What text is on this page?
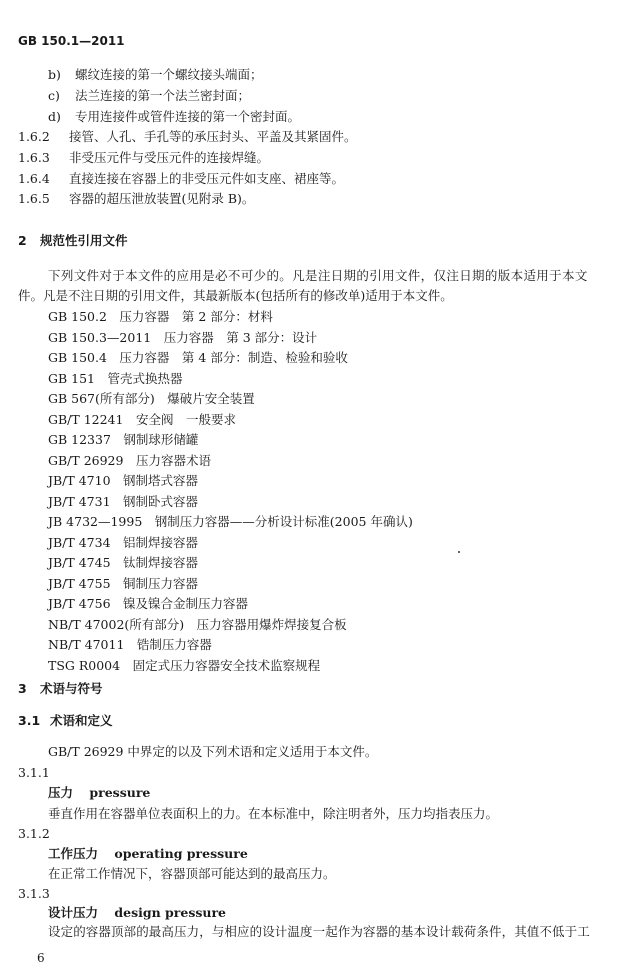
GB 150.1—2011
b) 螺纹连接的第一个螺纹接头端面；
c) 法兰连接的第一个法兰密封面；
d) 专用连接件或管件连接的第一个密封面。
1.6.2 接管、人孔、手孔等的承压封头、平盖及其紧固件。
1.6.3 非受压元件与受压元件的连接焊缝。
1.6.4 直接连接在容器上的非受压元件如支座、裙座等。
1.6.5 容器的超压泄放装置(见附录 B)。
2 规范性引用文件
下列文件对于本文件的应用是必不可少的。凡是注日期的引用文件，仅注日期的版本适用于本文
件。凡是不注日期的引用文件，其最新版本(包括所有的修改单)适用于本文件。
GB 150.2　压力容器　第 2 部分：材料
GB 150.3—2011　压力容器　第 3 部分：设计
GB 150.4　压力容器　第 4 部分：制造、检验和验收
GB 151　管壳式换热器
GB 567(所有部分)　爆破片安全装置
GB/T 12241　安全阀　一般要求
GB 12337　钢制球形储罐
GB/T 26929　压力容器术语
JB/T 4710　钢制塔式容器
JB/T 4731　钢制卧式容器
JB 4732—1995　钢制压力容器——分析设计标准(2005 年确认)
JB/T 4734　铝制焊接容器
JB/T 4745　钛制焊接容器
JB/T 4755　铜制压力容器
JB/T 4756　镍及镍合金制压力容器
NB/T 47002(所有部分)　压力容器用爆炸焊接复合板
NB/T 47011　锆制压力容器
TSG R0004　固定式压力容器安全技术监察规程
3 术语与符号
3.1 术语和定义
GB/T 26929 中界定的以及下列术语和定义适用于本文件。
3.1.1
压力 pressure
垂直作用在容器单位表面积上的力。在本标准中，除注明者外，压力均指表压力。
3.1.2
工作压力 operating pressure
在正常工作情况下，容器顶部可能达到的最高压力。
3.1.3
设计压力 design pressure
设定的容器顶部的最高压力，与相应的设计温度一起作为容器的基本设计载荷条件，其值不低于工
6
